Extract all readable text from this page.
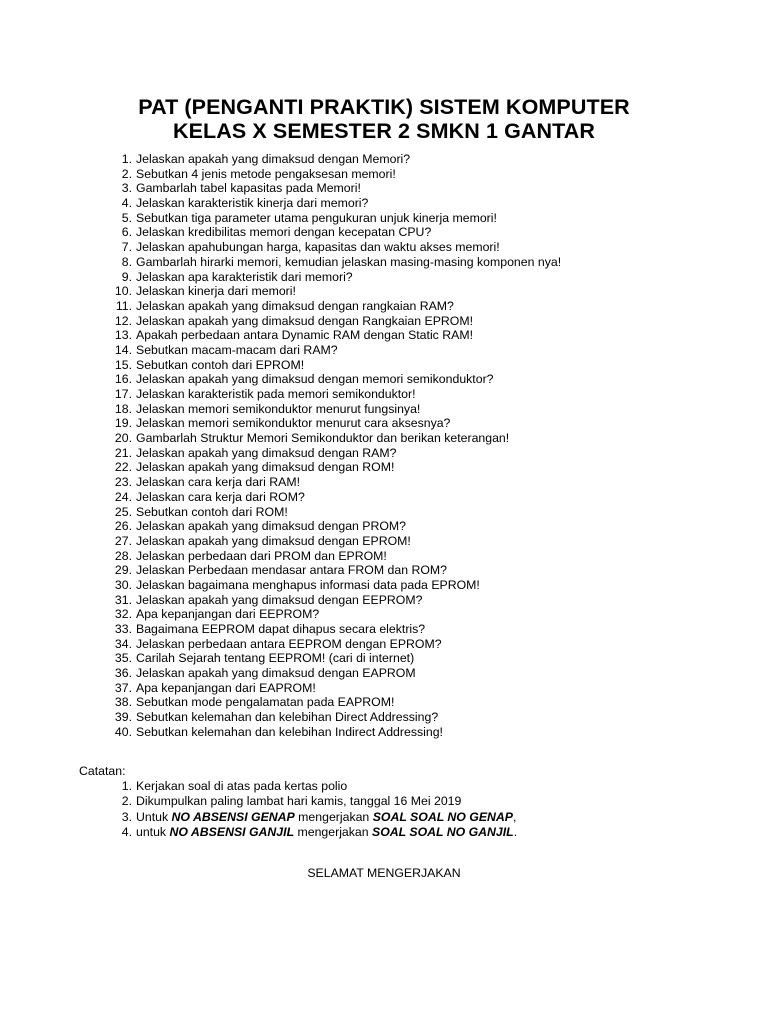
PAT (PENGANTI PRAKTIK) SISTEM KOMPUTER
KELAS X SEMESTER 2 SMKN 1 GANTAR
1. Jelaskan apakah yang dimaksud dengan Memori?
2. Sebutkan 4 jenis metode pengaksesan memori!
3. Gambarlah tabel kapasitas pada Memori!
4. Jelaskan karakteristik kinerja dari memori?
5. Sebutkan tiga parameter utama pengukuran unjuk kinerja memori!
6. Jelaskan kredibilitas memori dengan kecepatan CPU?
7. Jelaskan apahubungan harga, kapasitas dan waktu akses memori!
8. Gambarlah hirarki memori, kemudian jelaskan masing-masing komponen nya!
9. Jelaskan apa karakteristik dari memori?
10. Jelaskan kinerja dari memori!
11. Jelaskan apakah yang dimaksud dengan rangkaian RAM?
12. Jelaskan apakah yang dimaksud dengan Rangkaian EPROM!
13. Apakah perbedaan antara Dynamic RAM dengan Static RAM!
14. Sebutkan macam-macam dari RAM?
15. Sebutkan contoh dari EPROM!
16. Jelaskan apakah yang dimaksud dengan memori semikonduktor?
17. Jelaskan karakteristik pada memori semikonduktor!
18. Jelaskan memori semikonduktor menurut fungsinya!
19. Jelaskan memori semikonduktor menurut cara aksesnya?
20. Gambarlah Struktur Memori Semikonduktor dan berikan keterangan!
21. Jelaskan apakah yang dimaksud dengan RAM?
22. Jelaskan apakah yang dimaksud dengan ROM!
23. Jelaskan cara kerja dari RAM!
24. Jelaskan cara kerja dari ROM?
25. Sebutkan contoh dari ROM!
26. Jelaskan apakah yang dimaksud dengan PROM?
27. Jelaskan apakah yang dimaksud dengan EPROM!
28. Jelaskan perbedaan dari PROM dan EPROM!
29. Jelaskan Perbedaan mendasar antara FROM dan ROM?
30. Jelaskan bagaimana menghapus informasi data pada EPROM!
31. Jelaskan apakah yang dimaksud dengan EEPROM?
32. Apa kepanjangan dari EEPROM?
33. Bagaimana EEPROM dapat dihapus secara elektris?
34. Jelaskan perbedaan antara EEPROM dengan EPROM?
35. Carilah Sejarah tentang EEPROM! (cari di internet)
36. Jelaskan apakah yang dimaksud dengan EAPROM
37. Apa kepanjangan dari EAPROM!
38. Sebutkan mode pengalamatan pada EAPROM!
39. Sebutkan kelemahan dan kelebihan Direct Addressing?
40. Sebutkan kelemahan dan kelebihan Indirect Addressing!
Catatan:
1. Kerjakan soal di atas pada kertas polio
2. Dikumpulkan paling lambat hari kamis, tanggal 16 Mei 2019
3. Untuk NO ABSENSI GENAP mengerjakan SOAL SOAL NO GENAP,
4. untuk NO ABSENSI GANJIL mengerjakan SOAL SOAL NO GANJIL.
SELAMAT MENGERJAKAN
